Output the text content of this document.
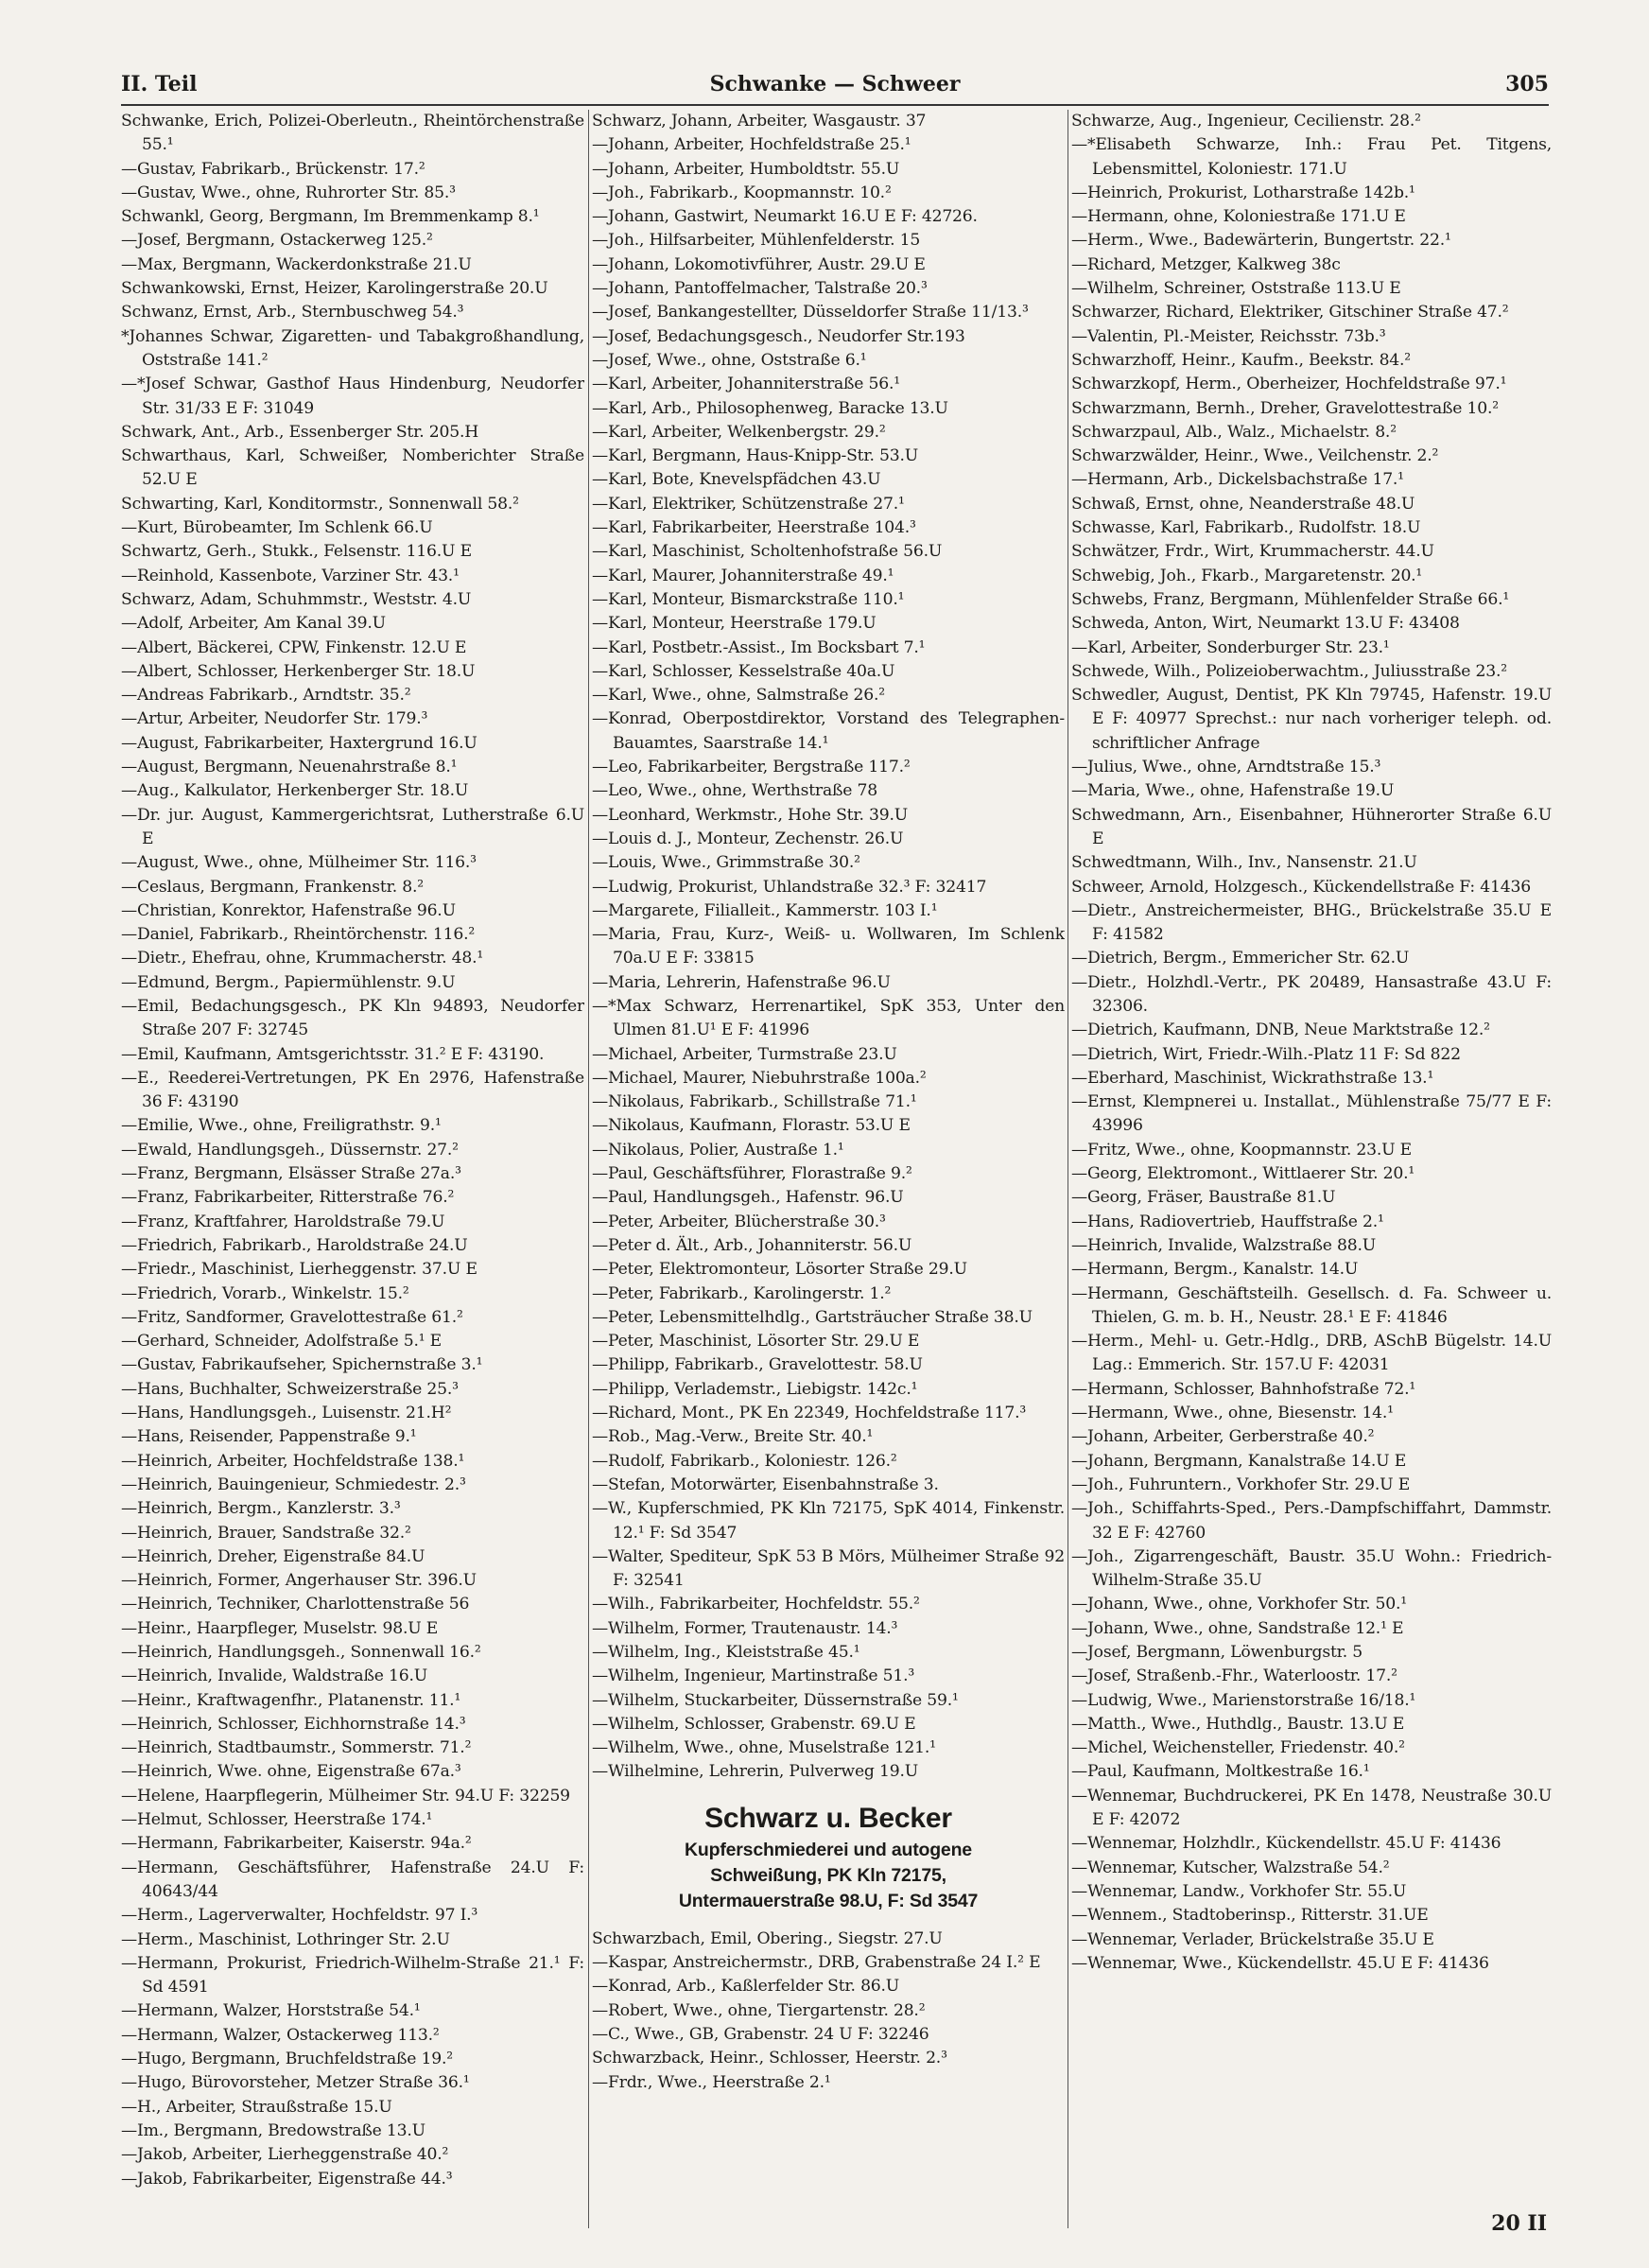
II. Teil	Schwanke — Schweer	305
Schwanke, Erich, Polizei-Oberleutn., Rheintörchenstraße 55.¹
—Gustav, Fabrikarb., Brückenstr. 17.²
—Gustav, Wwe., ohne, Ruhrorter Str. 85.³
Schwankl, Georg, Bergmann, Im Bremmenkamp 8.¹
—Josef, Bergmann, Ostackerweg 125.²
—Max, Bergmann, Wackerdonkstraße 21.U
Schwankowski, Ernst, Heizer, Karolingerstraße 20.U
Schwanz, Ernst, Arb., Sternbuschweg 54.³
*Johannes Schwar, Zigaretten- und Tabakgroßhandlung, Oststraße 141.²
—*Josef Schwar, Gasthof Haus Hindenburg, Neudorfer Str. 31/33 E F: 31049
Schwark, Ant., Arb., Essenberger Str. 205.H
Schwarthaus, Karl, Schweißer, Nomberichter Straße 52.U E
Schwarting, Karl, Konditormstr., Sonnenwall 58.²
—Kurt, Bürobeamter, Im Schlenk 66.U
Schwartz, Gerh., Stukk., Felsenstr. 116.U E
—Reinhold, Kassenbote, Varziner Str. 43.¹
Schwarz, Adam, Schuhmmstr., Weststr. 4.U
—Adolf, Arbeiter, Am Kanal 39.U
—Albert, Bäckerei, CPW, Finkenstr. 12.U E
—Albert, Schlosser, Herkenberger Str. 18.U
—Andreas Fabrikarb., Arndtstr. 35.²
—Artur, Arbeiter, Neudorfer Str. 179.³
—August, Fabrikarbeiter, Haxtergrund 16.U
—August, Bergmann, Neuenahrstraße 8.¹
—Aug., Kalkulator, Herkenberger Str. 18.U
—Dr. jur. August, Kammergerichtsrat, Lutherstraße 6.U E
—August, Wwe., ohne, Mülheimer Str. 116.³
—Ceslaus, Bergmann, Frankenstr. 8.²
—Christian, Konrektor, Hafenstraße 96.U
—Daniel, Fabrikarb., Rheintörchenstr. 116.²
—Dietr., Ehefrau, ohne, Krummacherstr. 48.¹
—Edmund, Bergm., Papiermühlenstr. 9.U
—Emil, Bedachungsgesch., PK Kln 94893, Neudorfer Straße 207 F: 32745
—Emil, Kaufmann, Amtsgerichtsstr. 31.² E F: 43190.
—E., Reederei-Vertretungen, PK En 2976, Hafenstraße 36 F: 43190
—Emilie, Wwe., ohne, Freiligrathstr. 9.¹
—Ewald, Handlungsgeh., Düssernstr. 27.²
—Franz, Bergmann, Elsässer Straße 27a.³
—Franz, Fabrikarbeiter, Ritterstraße 76.²
—Franz, Kraftfahrer, Haroldstraße 79.U
—Friedrich, Fabrikarb., Haroldstraße 24.U
—Friedr., Maschinist, Lierheggenstr. 37.U E
—Friedrich, Vorarb., Winkelstr. 15.²
—Fritz, Sandformer, Gravelottestraße 61.²
—Gerhard, Schneider, Adolfstraße 5.¹ E
—Gustav, Fabrikaufseher, Spichernstraße 3.¹
—Hans, Buchhalter, Schweizerstraße 25.³
—Hans, Handlungsgeh., Luisenstr. 21.H²
—Hans, Reisender, Pappenstraße 9.¹
—Heinrich, Arbeiter, Hochfeldstraße 138.¹
—Heinrich, Bauingenieur, Schmiedestr. 2.³
—Heinrich, Bergm., Kanzlerstr. 3.³
—Heinrich, Brauer, Sandstraße 32.²
—Heinrich, Dreher, Eigenstraße 84.U
—Heinrich, Former, Angerhauser Str. 396.U
—Heinrich, Techniker, Charlottenstraße 56
—Heinr., Haarpfleger, Muselstr. 98.U E
—Heinrich, Handlungsgeh., Sonnenwall 16.²
—Heinrich, Invalide, Waldstraße 16.U
—Heinr., Kraftwagenfhr., Platanenstr. 11.¹
—Heinrich, Schlosser, Eichhornstraße 14.³
—Heinrich, Stadtbaumstr., Sommerstr. 71.²
—Heinrich, Wwe. ohne, Eigenstraße 67a.³
—Helene, Haarpflegerin, Mülheimer Str. 94.U F: 32259
—Helmut, Schlosser, Heerstraße 174.¹
—Hermann, Fabrikarbeiter, Kaiserstr. 94a.²
—Hermann, Geschäftsführer, Hafenstraße 24.U F: 40643/44
—Herm., Lagerverwalter, Hochfeldstr. 97 I.³
—Herm., Maschinist, Lothringer Str. 2.U
—Hermann, Prokurist, Friedrich-Wilhelm-Straße 21.¹ F: Sd 4591
—Hermann, Walzer, Horststraße 54.¹
—Hermann, Walzer, Ostackerweg 113.²
—Hugo, Bergmann, Bruchfeldstraße 19.²
—Hugo, Bürovorsteher, Metzer Straße 36.¹
—H., Arbeiter, Straußstraße 15.U
—Im., Bergmann, Bredowstraße 13.U
—Jakob, Arbeiter, Lierheggenstraße 40.²
—Jakob, Fabrikarbeiter, Eigenstraße 44.³
Schwarz, Johann, Arbeiter, Wasgaustr. 37
—Johann, Arbeiter, Hochfeldstraße 25.¹
—Johann, Arbeiter, Humboldtstr. 55.U
—Joh., Fabrikarb., Koopmannstr. 10.²
—Johann, Gastwirt, Neumarkt 16.U E F: 42726.
—Joh., Hilfsarbeiter, Mühlenfelderstr. 15
—Johann, Lokomotivführer, Austr. 29.U E
—Johann, Pantoffelmacher, Talstraße 20.³
—Josef, Bankangestellter, Düsseldorfer Straße 11/13.³
—Josef, Bedachungsgesch., Neudorfer Str.193
—Josef, Wwe., ohne, Oststraße 6.¹
—Karl, Arbeiter, Johanniterstraße 56.¹
—Karl, Arb., Philosophenweg, Baracke 13.U
—Karl, Arbeiter, Welkenbergstr. 29.²
—Karl, Bergmann, Haus-Knipp-Str. 53.U
—Karl, Bote, Knevelspfädchen 43.U
—Karl, Elektriker, Schützenstraße 27.¹
—Karl, Fabrikarbeiter, Heerstraße 104.³
—Karl, Maschinist, Scholtenhofstraße 56.U
—Karl, Maurer, Johanniterstraße 49.¹
—Karl, Monteur, Bismarckstraße 110.¹
—Karl, Monteur, Heerstraße 179.U
—Karl, Postbetr.-Assist., Im Bocksbart 7.¹
—Karl, Schlosser, Kesselstraße 40a.U
—Karl, Wwe., ohne, Salmstraße 26.²
—Konrad, Oberpostdirektor, Vorstand des Telegraphen-Bauamtes, Saarstraße 14.¹
—Leo, Fabrikarbeiter, Bergstraße 117.²
—Leo, Wwe., ohne, Werthstraße 78
—Leonhard, Werkmstr., Hohe Str. 39.U
—Louis d. J., Monteur, Zechenstr. 26.U
—Louis, Wwe., Grimmstraße 30.²
—Ludwig, Prokurist, Uhlandstraße 32.³ F: 32417
—Margarete, Filialleit., Kammerstr. 103 I.¹
—Maria, Frau, Kurz-, Weiß- u. Wollwaren, Im Schlenk 70a.U E F: 33815
—Maria, Lehrerin, Hafenstraße 96.U
—*Max Schwarz, Herrenartikel, SpK 353, Unter den Ulmen 81.U¹ E F: 41996
—Michael, Arbeiter, Turmstraße 23.U
—Michael, Maurer, Niebuhrstraße 100a.²
—Nikolaus, Fabrikarb., Schillstraße 71.¹
—Nikolaus, Kaufmann, Florastr. 53.U E
—Nikolaus, Polier, Austraße 1.¹
—Paul, Geschäftsführer, Florastraße 9.²
—Paul, Handlungsgeh., Hafenstr. 96.U
—Peter, Arbeiter, Blücherstraße 30.³
—Peter d. Ält., Arb., Johanniterstr. 56.U
—Peter, Elektromonteur, Lösorter Straße 29.U
—Peter, Fabrikarb., Karolingerstr. 1.²
—Peter, Lebensmittelhdlg., Gartsträucher Straße 38.U
—Peter, Maschinist, Lösorter Str. 29.U E
—Philipp, Fabrikarb., Gravelottestr. 58.U
—Philipp, Verlademstr., Liebigstr. 142c.¹
—Richard, Mont., PK En 22349, Hochfeldstraße 117.³
—Rob., Mag.-Verw., Breite Str. 40.¹
—Rudolf, Fabrikarb., Koloniestr. 126.²
—Stefan, Motorwärter, Eisenbahnstraße 3.
—W., Kupferschmied, PK Kln 72175, SpK 4014, Finkenstr. 12.¹ F: Sd 3547
—Walter, Spediteur, SpK 53 B Mörs, Mülheimer Straße 92 F: 32541
—Wilh., Fabrikarbeiter, Hochfeldstr. 55.²
—Wilhelm, Former, Trautenaustr. 14.³
—Wilhelm, Ing., Kleiststraße 45.¹
—Wilhelm, Ingenieur, Martinstraße 51.³
—Wilhelm, Stuckarbeiter, Düssernstraße 59.¹
—Wilhelm, Schlosser, Grabenstr. 69.U E
—Wilhelm, Wwe., ohne, Muselstraße 121.¹
—Wilhelmine, Lehrerin, Pulverweg 19.U
Schwarz u. Becker
Kupferschmiederei und autogene
Schweißung, PK Kln 72175,
Untermauerstraße 98.U, F: Sd 3547
Schwarzbach, Emil, Obering., Siegstr. 27.U
—Kaspar, Anstreichermstr., DRB, Grabenstraße 24 I.² E
—Konrad, Arb., Kaßlerfelder Str. 86.U
—Robert, Wwe., ohne, Tiergartenstr. 28.²
—C., Wwe., GB, Grabenstr. 24 U F: 32246
Schwarzback, Heinr., Schlosser, Heerstr. 2.³
—Frdr., Wwe., Heerstraße 2.¹
Schwarze, Aug., Ingenieur, Cecilienstr. 28.²
—*Elisabeth Schwarze, Inh.: Frau Pet. Titgens, Lebensmittel, Koloniestr. 171.U
—Heinrich, Prokurist, Lotharstraße 142b.¹
—Hermann, ohne, Koloniestraße 171.U E
—Herm., Wwe., Badewärterin, Bungertstr. 22.¹
—Richard, Metzger, Kalkweg 38c
—Wilhelm, Schreiner, Oststraße 113.U E
Schwarzer, Richard, Elektriker, Gitschiner Straße 47.²
—Valentin, Pl.-Meister, Reichsstr. 73b.³
Schwarzhoff, Heinr., Kaufm., Beekstr. 84.²
Schwarzkopf, Herm., Oberheizer, Hochfeldstraße 97.¹
Schwarzmann, Bernh., Dreher, Gravelottestraße 10.²
Schwarzpaul, Alb., Walz., Michaelstr. 8.²
Schwarzwälder, Heinr., Wwe., Veilchenstr. 2.²
—Hermann, Arb., Dickelsbachstraße 17.¹
Schwaß, Ernst, ohne, Neanderstraße 48.U
Schwasse, Karl, Fabrikarb., Rudolfstr. 18.U
Schwätzer, Frdr., Wirt, Krummacherstr. 44.U
Schwebig, Joh., Fkarb., Margaretenstr. 20.¹
Schwebs, Franz, Bergmann, Mühlenfelder Straße 66.¹
Schweda, Anton, Wirt, Neumarkt 13.U F: 43408
—Karl, Arbeiter, Sonderburger Str. 23.¹
Schwede, Wilh., Polizeioberwachtm., Juliusstraße 23.²
Schwedler, August, Dentist, PK Kln 79745, Hafenstr. 19.U E F: 40977 Sprechst.: nur nach vorheriger teleph. od. schriftlicher Anfrage
—Julius, Wwe., ohne, Arndtstraße 15.³
—Maria, Wwe., ohne, Hafenstraße 19.U
Schwedmann, Arn., Eisenbahner, Hühnerorter Straße 6.U E
Schwedtmann, Wilh., Inv., Nansenstr. 21.U
Schweer, Arnold, Holzgesch., Kückendellstraße F: 41436
—Dietr., Anstreichermeister, BHG., Brückelstraße 35.U E F: 41582
—Dietrich, Bergm., Emmericher Str. 62.U
—Dietr., Holzhdl.-Vertr., PK 20489, Hansastraße 43.U F: 32306.
—Dietrich, Kaufmann, DNB, Neue Marktstraße 12.²
—Dietrich, Wirt, Friedr.-Wilh.-Platz 11 F: Sd 822
—Eberhard, Maschinist, Wickrathstraße 13.¹
—Ernst, Klempnerei u. Installat., Mühlenstraße 75/77 E F: 43996
—Fritz, Wwe., ohne, Koopmannstr. 23.U E
—Georg, Elektromont., Wittlaerer Str. 20.¹
—Georg, Fräser, Baustraße 81.U
—Hans, Radiovertrieb, Hauffstraße 2.¹
—Heinrich, Invalide, Walzstraße 88.U
—Hermann, Bergm., Kanalstr. 14.U
—Hermann, Geschäftsteilh. Gesellsch. d. Fa. Schweer u. Thielen, G. m. b. H., Neustr. 28.¹ E F: 41846
—Herm., Mehl- u. Getr.-Hdlg., DRB, ASchB Bügelstr. 14.U Lag.: Emmerich. Str. 157.U F: 42031
—Hermann, Schlosser, Bahnhofstraße 72.¹
—Hermann, Wwe., ohne, Biesenstr. 14.¹
—Johann, Arbeiter, Gerberstraße 40.²
—Johann, Bergmann, Kanalstraße 14.U E
—Joh., Fuhruntern., Vorkhofer Str. 29.U E
—Joh., Schiffahrts-Sped., Pers.-Dampfschiffahrt, Dammstr. 32 E F: 42760
—Joh., Zigarrengeschäft, Baustr. 35.U Wohn.: Friedrich-Wilhelm-Straße 35.U
—Johann, Wwe., ohne, Vorkhofer Str. 50.¹
—Johann, Wwe., ohne, Sandstraße 12.¹ E
—Josef, Bergmann, Löwenburgstr. 5
—Josef, Straßenb.-Fhr., Waterloostr. 17.²
—Ludwig, Wwe., Marienstorstraße 16/18.¹
—Matth., Wwe., Huthdlg., Baustr. 13.U E
—Michel, Weichensteller, Friedenstr. 40.²
—Paul, Kaufmann, Moltkestraße 16.¹
—Wennemar, Buchdruckerei, PK En 1478, Neustraße 30.U E F: 42072
—Wennemar, Holzhdlr., Kückendellstr. 45.U F: 41436
—Wennemar, Kutscher, Walzstraße 54.²
—Wennemar, Landw., Vorkhofer Str. 55.U
—Wennem., Stadtoberinsp., Ritterstr. 31.UE
—Wennemar, Verlader, Brückelstraße 35.U E
—Wennemar, Wwe., Kückendellstr. 45.U E F: 41436
20 II
